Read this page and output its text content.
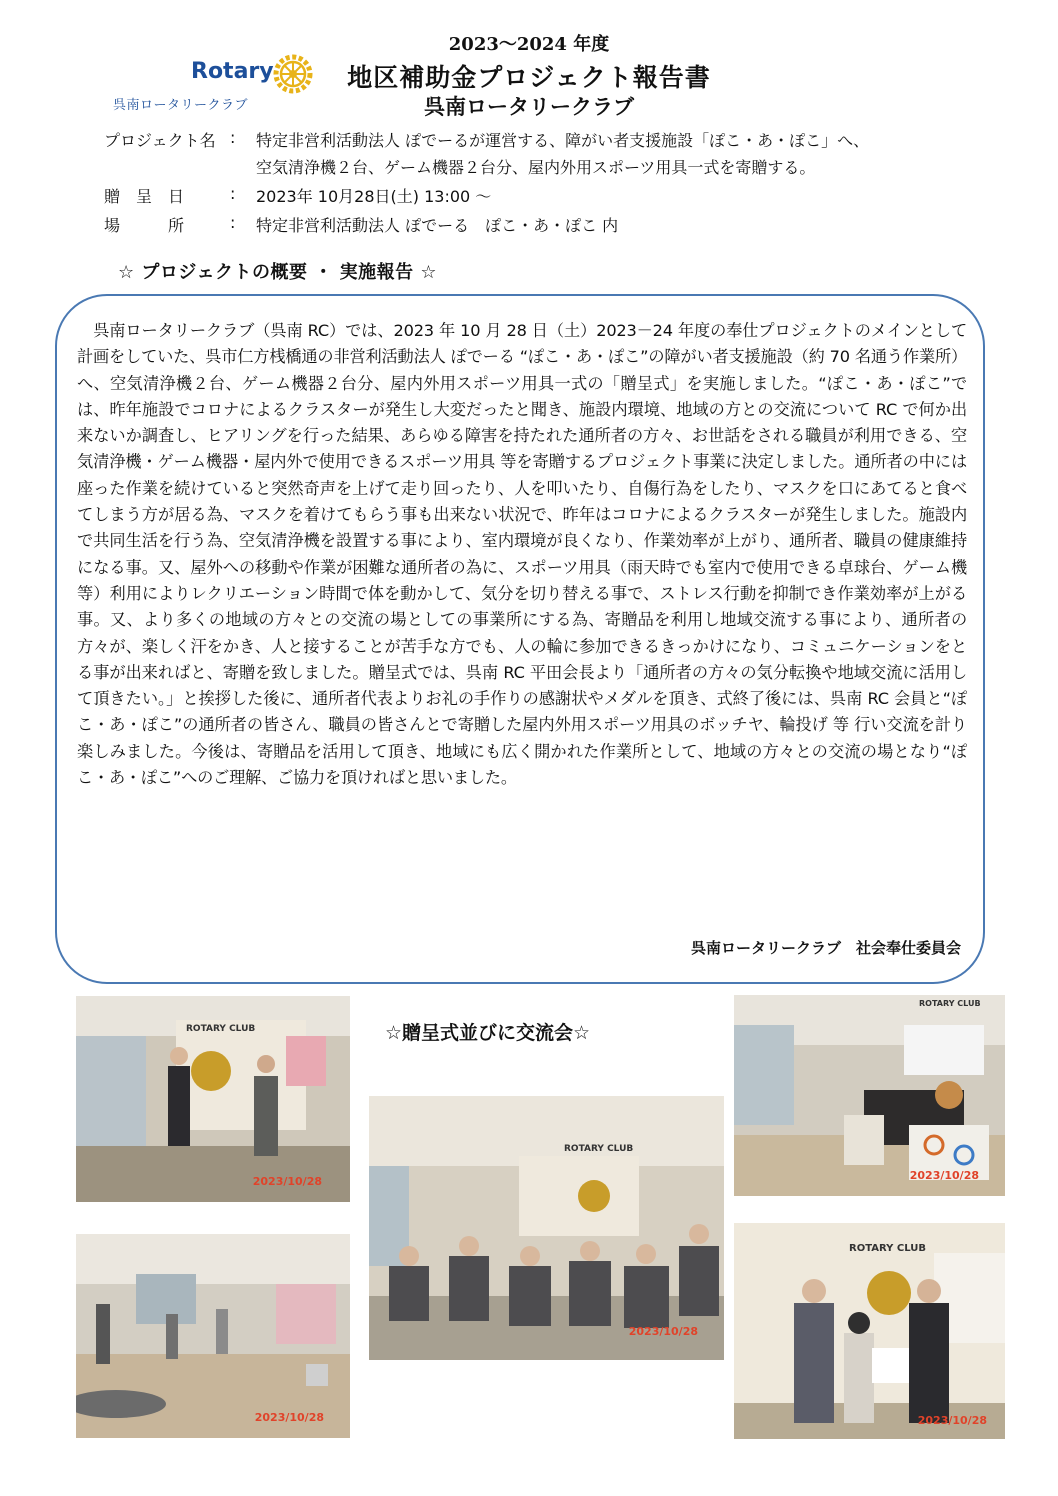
2023～2024 年度
Rotary
呉南ロータリークラブ
地区補助金プロジェクト報告書
呉南ロータリークラブ
プロジェクト名 : 特定非営利活動法人 ぽでーるが運営する、障がい者支援施設「ぽこ・あ・ぽこ」へ、
空気清浄機２台、ゲーム機器２台分、屋内外用スポーツ用具一式を寄贈する。
贈　呈　日	: 2023年 10月28日(土) 13:00 ～
場　　　所	: 特定非営利活動法人 ぽでーる　ぽこ・あ・ぽこ 内
☆ プロジェクトの概要 ・ 実施報告 ☆
呉南ロータリークラブ（呉南 RC）では、2023 年 10 月 28 日（土）2023－24 年度の奉仕プロジェクトのメインとして計画をしていた、呉市仁方桟橋通の非営利活動法人 ぽでーる “ぽこ・あ・ぽこ”の障がい者支援施設（約 70 名通う作業所）へ、空気清浄機２台、ゲーム機器２台分、屋内外用スポーツ用具一式の「贈呈式」を実施しました。“ぽこ・あ・ぽこ”では、昨年施設でコロナによるクラスターが発生し大変だったと聞き、施設内環境、地域の方との交流について RC で何か出来ないか調査し、ヒアリングを行った結果、あらゆる障害を持たれた通所者の方々、お世話をされる職員が利用できる、空気清浄機・ゲーム機器・屋内外で使用できるスポーツ用具 等を寄贈するプロジェクト事業に決定しました。通所者の中には座った作業を続けていると突然奇声を上げて走り回ったり、人を叩いたり、自傷行為をしたり、マスクを口にあてると食べてしまう方が居る為、マスクを着けてもらう事も出来ない状況で、昨年はコロナによるクラスターが発生しました。施設内で共同生活を行う為、空気清浄機を設置する事により、室内環境が良くなり、作業効率が上がり、通所者、職員の健康維持になる事。又、屋外への移動や作業が困難な通所者の為に、スポーツ用具（雨天時でも室内で使用できる卓球台、ゲーム機 等）利用によりレクリエーション時間で体を動かして、気分を切り替える事で、ストレス行動を抑制でき作業効率が上がる事。又、より多くの地域の方々との交流の場としての事業所にする為、寄贈品を利用し地域交流する事により、通所者の方々が、楽しく汗をかき、人と接することが苦手な方でも、人の輪に参加できるきっかけになり、コミュニケーションをとる事が出来ればと、寄贈を致しました。贈呈式では、呉南 RC 平田会長より「通所者の方々の気分転換や地域交流に活用して頂きたい。」と挨拶した後に、通所者代表よりお礼の手作りの感謝状やメダルを頂き、式終了後には、呉南 RC 会員と“ぽこ・あ・ぽこ”の通所者の皆さん、職員の皆さんとで寄贈した屋内外用スポーツ用具のボッチヤ、輪投げ 等 行い交流を計り楽しみました。今後は、寄贈品を活用して頂き、地域にも広く開かれた作業所として、地域の方々との交流の場となり“ぽこ・あ・ぽこ”へのご理解、ご協力を頂ければと思いました。
呉南ロータリークラブ　社会奉仕委員会
☆贈呈式並びに交流会☆
ROTARY CLUB
2023/10/28
2023/10/28
ROTARY CLUB
2023/10/28
ROTARY CLUB
2023/10/28
ROTARY CLUB
2023/10/28
